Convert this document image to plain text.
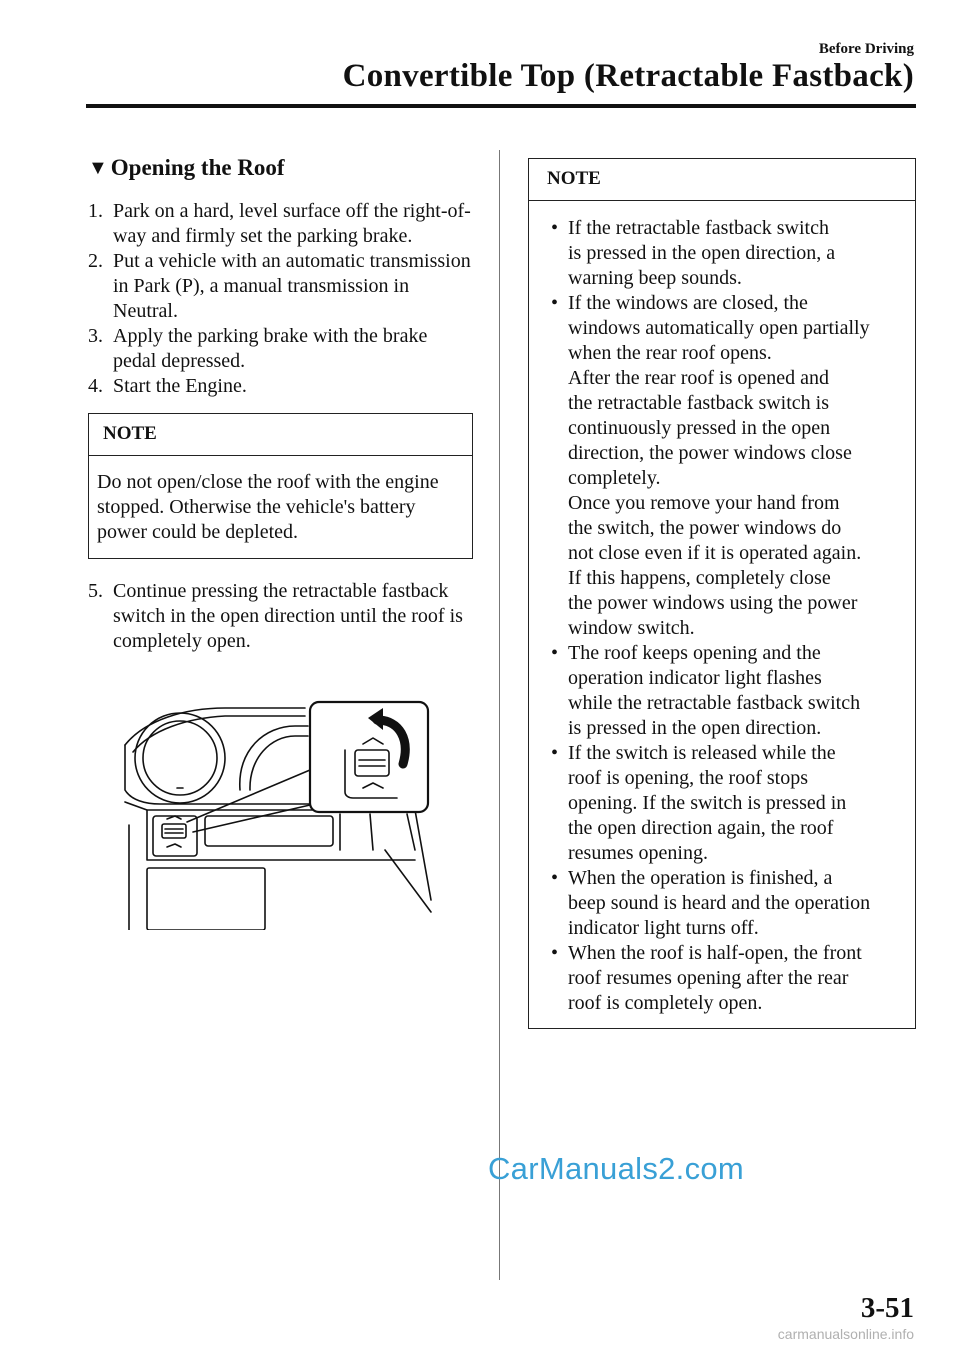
Before Driving
Convertible Top (Retractable Fastback)
▼ Opening the Roof
1. Park on a hard, level surface off the right-of-way and firmly set the parking brake.
2. Put a vehicle with an automatic transmission in Park (P), a manual transmission in Neutral.
3. Apply the parking brake with the brake pedal depressed.
4. Start the Engine.
NOTE
Do not open/close the roof with the engine stopped. Otherwise the vehicle's battery power could be depleted.
5. Continue pressing the retractable fastback switch in the open direction until the roof is completely open.
NOTE
• If the retractable fastback switch
is pressed in the open direction, a
warning beep sounds.
• If the windows are closed, the
windows automatically open partially
when the rear roof opens.
After the rear roof is opened and
the retractable fastback switch is
continuously pressed in the open
direction, the power windows close
completely.
Once you remove your hand from
the switch, the power windows do
not close even if it is operated again.
If this happens, completely close
the power windows using the power
window switch.
• The roof keeps opening and the
operation indicator light flashes
while the retractable fastback switch
is pressed in the open direction.
• If the switch is released while the
roof is opening, the roof stops
opening. If the switch is pressed in
the open direction again, the roof
resumes opening.
• When the operation is finished, a
beep sound is heard and the operation
indicator light turns off.
• When the roof is half-open, the front
roof resumes opening after the rear
roof is completely open.
CarManuals2.com
3-51
carmanualsonline.info
